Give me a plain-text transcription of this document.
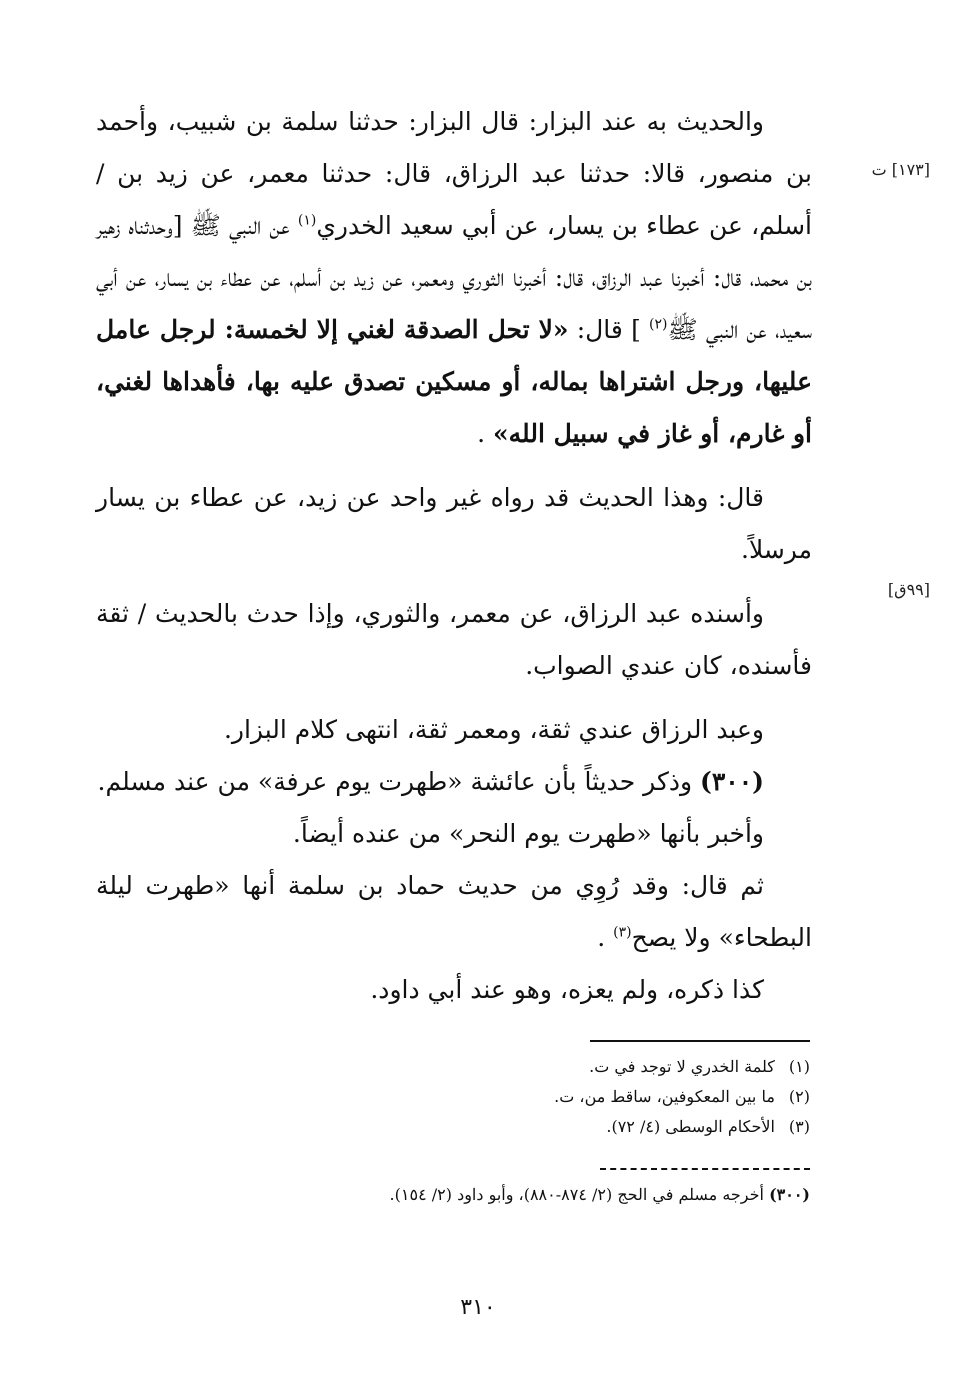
[١٧٣] ت
[٩٩ق]

والحديث به عند البزار: قال البزار: حدثنا سلمة بن شبيب، وأحمد بن منصور، قالا: حدثنا عبد الرزاق، قال: حدثنا معمر، عن زيد بن / أسلم، عن عطاء بن يسار، عن أبي سعيد الخدري$^{(١)}$ عن النبي ﷺ [وحدثناه زهير بن محمد، قال: أخبرنا عبد الرزاق، قال: أخبرنا الثوري ومعمر، عن زيد بن أسلم، عن عطاء بن يسار، عن أبي سعيد، عن النبي ﷺ$^{(٢)}$ ] قال: «لا تحل الصدقة لغني إلا لخمسة: لرجل عامل عليها، ورجل اشتراها بماله، أو مسكين تصدق عليه بها، فأهداها لغني، أو غارم، أو غاز في سبيل الله» .

قال: وهذا الحديث قد رواه غير واحد عن زيد، عن عطاء بن يسار مرسلاً.

وأسنده عبد الرزاق، عن معمر، والثوري، وإذا حدث بالحديث / ثقة فأسنده، كان عندي الصواب.

وعبد الرزاق عندي ثقة، ومعمر ثقة، انتهى كلام البزار.

(٣٠٠) وذكر حديثاً بأن عائشة «طهرت يوم عرفة» من عند مسلم.

وأخبر بأنها «طهرت يوم النحر» من عنده أيضاً.

ثم قال: وقد رُوِي من حديث حماد بن سلمة أنها «طهرت ليلة البطحاء» ولا يصح$^{(٣)}$ .

كذا ذكره، ولم يعزه، وهو عند أبي داود.

(١) كلمة الخدري لا توجد في ت.

(٢) ما بين المعكوفين، ساقط من، ت.

(٣) الأحكام الوسطى (٤/ ٧٢).

(٣٠٠) أخرجه مسلم في الحج (٢/ ٨٧٤-٨٨٠)، وأبو داود (٢/ ١٥٤).
٣١٠
